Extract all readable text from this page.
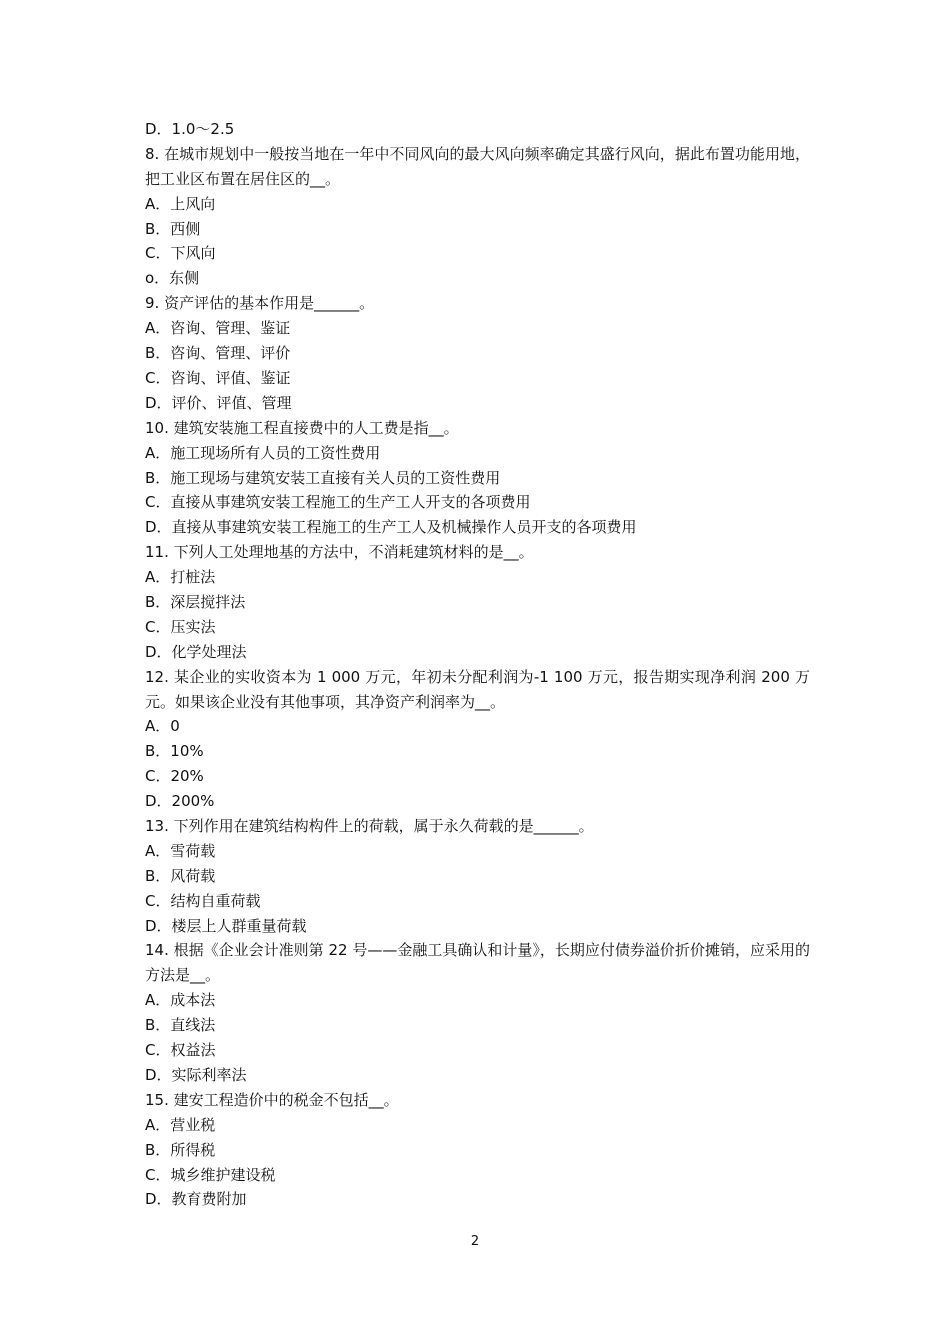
D．1.0～2.5
8. 在城市规划中一般按当地在一年中不同风向的最大风向频率确定其盛行风向，据此布置功能用地，把工业区布置在居住区的__。
A．上风向
B．西侧
C．下风向
o．东侧
9. 资产评估的基本作用是______。
A．咨询、管理、鉴证
B．咨询、管理、评价
C．咨询、评值、鉴证
D．评价、评值、管理
10. 建筑安装施工程直接费中的人工费是指__。
A．施工现场所有人员的工资性费用
B．施工现场与建筑安装工直接有关人员的工资性费用
C．直接从事建筑安装工程施工的生产工人开支的各项费用
D．直接从事建筑安装工程施工的生产工人及机械操作人员开支的各项费用
11. 下列人工处理地基的方法中，不消耗建筑材料的是__。
A．打桩法
B．深层搅拌法
C．压实法
D．化学处理法
12. 某企业的实收资本为 1 000 万元，年初未分配利润为-1 100 万元，报告期实现净利润 200 万元。如果该企业没有其他事项，其净资产利润率为__。
A．0
B．10%
C．20%
D．200%
13. 下列作用在建筑结构构件上的荷载，属于永久荷载的是______。
A．雪荷载
B．风荷载
C．结构自重荷载
D．楼层上人群重量荷载
14. 根据《企业会计准则第 22 号——金融工具确认和计量》，长期应付债券溢价折价摊销，应采用的方法是__。
A．成本法
B．直线法
C．权益法
D．实际利率法
15. 建安工程造价中的税金不包括__。
A．营业税
B．所得税
C．城乡维护建设税
D．教育费附加
2
